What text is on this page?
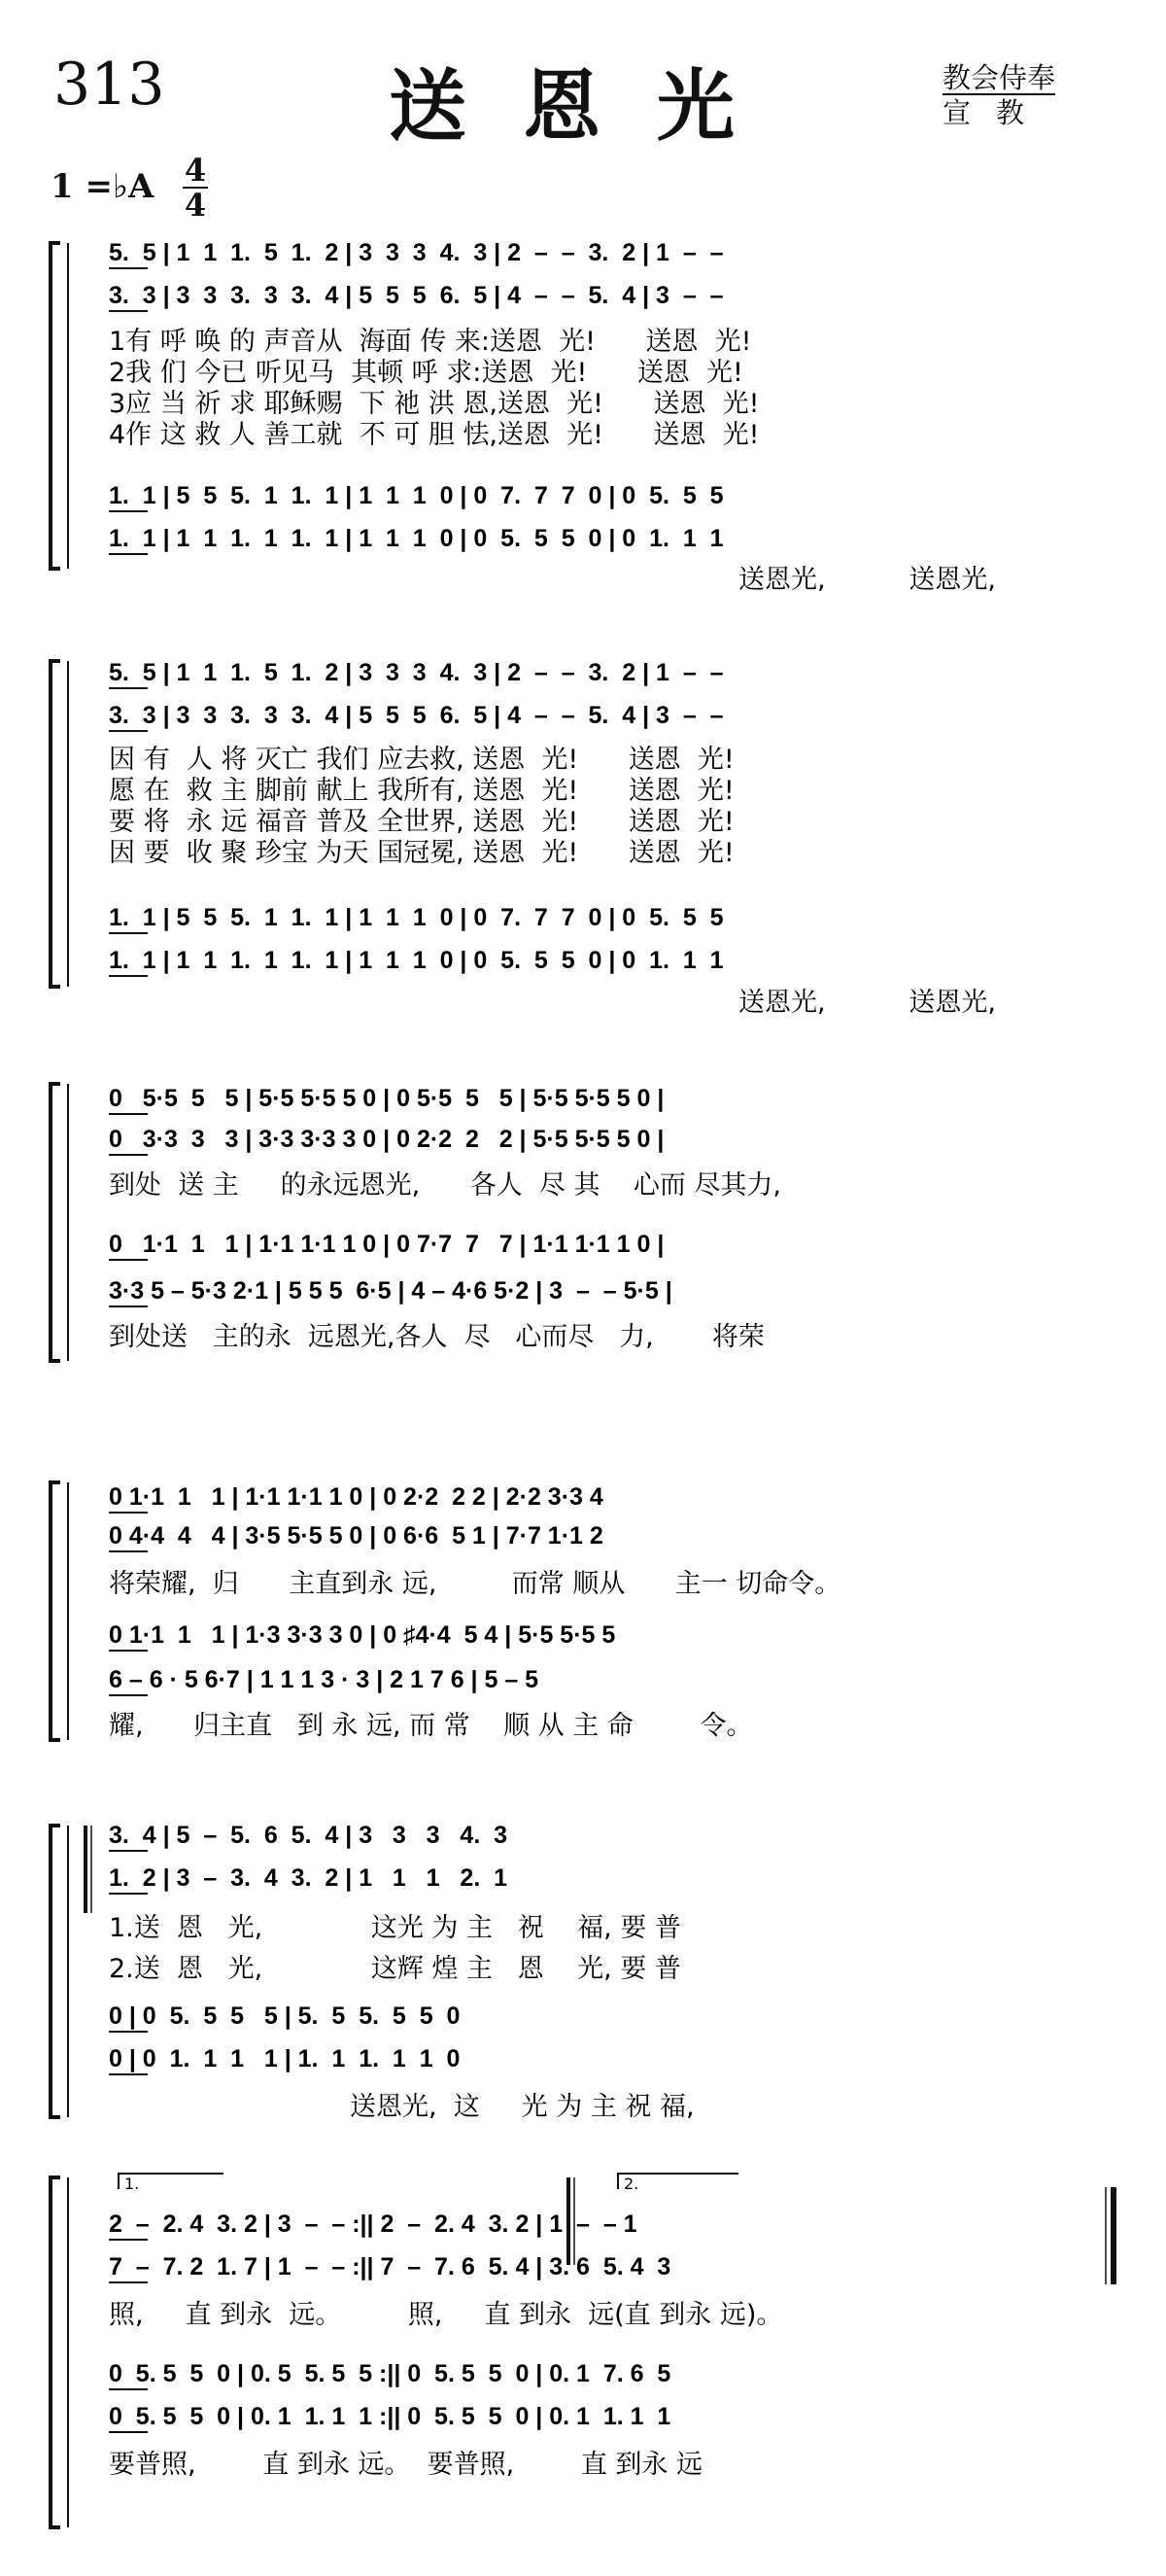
313	送恩光	教会侍奉
宣教
1 =♭A 4
4
5.  5 | 1  1  1.  5  1.  2 | 3  3  3  4.  3 | 2  –  –  3.  2 | 1  –  –
3.  3 | 3  3  3.  3  3.  4 | 5  5  5  6.  5 | 4  –  –  5.  4 | 3  –  –
1有 呼 唤 的 声音从  海面 传 来:送恩  光!      送恩  光!
2我 们 今已 听见马  其顿 呼 求:送恩  光!      送恩  光!
3应 当 祈 求 耶稣赐  下 祂 洪 恩,送恩  光!      送恩  光!
4作 这 救 人 善工就  不 可 胆 怯,送恩  光!      送恩  光!
1.  1 | 5  5  5.  1  1.  1 | 1  1  1  0 | 0  7.  7  7  0 | 0  5.  5  5
1.  1 | 1  1  1.  1  1.  1 | 1  1  1  0 | 0  5.  5  5  0 | 0  1.  1  1
送恩光,          送恩光,
5.  5 | 1  1  1.  5  1.  2 | 3  3  3  4.  3 | 2  –  –  3.  2 | 1  –  –
3.  3 | 3  3  3.  3  3.  4 | 5  5  5  6.  5 | 4  –  –  5.  4 | 3  –  –
因 有  人 将 灭亡 我们 应去救, 送恩  光!      送恩  光!
愿 在  救 主 脚前 献上 我所有, 送恩  光!      送恩  光!
要 将  永 远 福音 普及 全世界, 送恩  光!      送恩  光!
因 要  收 聚 珍宝 为天 国冠冕, 送恩  光!      送恩  光!
1.  1 | 5  5  5.  1  1.  1 | 1  1  1  0 | 0  7.  7  7  0 | 0  5.  5  5
1.  1 | 1  1  1.  1  1.  1 | 1  1  1  0 | 0  5.  5  5  0 | 0  1.  1  1
送恩光,          送恩光,
0   5·5  5   5 | 5·5 5·5 5 0 | 0 5·5  5   5 | 5·5 5·5 5 0 |
0   3·3  3   3 | 3·3 3·3 3 0 | 0 2·2  2   2 | 5·5 5·5 5 0 |
到处  送 主     的永远恩光,      各人  尽 其    心而 尽其力,
0   1·1  1   1 | 1·1 1·1 1 0 | 0 7·7  7   7 | 1·1 1·1 1 0 |
3·3 5 – 5·3 2·1 | 5 5 5  6·5 | 4 – 4·6 5·2 | 3  –  – 5·5 |
到处送   主的永  远恩光,各人  尽   心而尽   力,       将荣
0 1·1  1   1 | 1·1 1·1 1 0 | 0 2·2  2 2 | 2·2 3·3 4
0 4·4  4   4 | 3·5 5·5 5 0 | 0 6·6  5 1 | 7·7 1·1 2
将荣耀,  归      主直到永 远,         而常 顺从      主一 切命令。
0 1·1  1   1 | 1·3 3·3 3 0 | 0 ♯4·4  5 4 | 5·5 5·5 5
6 – 6 · 5 6·7 | 1 1 1 3 · 3 | 2 1 7 6 | 5 – 5
耀,      归主直   到 永 远, 而 常    顺 从 主 命        令。
3.  4 | 5  –  5.  6  5.  4 | 3   3   3   4.  3
1.  2 | 3  –  3.  4  3.  2 | 1   1   1   2.  1
1.送  恩   光,             这光 为 主   祝    福, 要 普
2.送  恩   光,             这辉 煌 主   恩    光, 要 普
0 | 0  5.  5  5   5 | 5.  5  5.  5  5  0
0 | 0  1.  1  1   1 | 1.  1  1.  1  1  0
送恩光,  这     光 为 主 祝 福,
1.	2.
2  –  2. 4  3. 2 | 3  –  – :|| 2  –  2. 4  3. 2 | 1  –  – 1
7  –  7. 2  1. 7 | 1  –  – :|| 7  –  7. 6  5. 4 | 3. 6  5. 4  3
照,     直 到永  远。        照,     直 到永  远(直 到永 远)。
0  5. 5  5  0 | 0. 5  5. 5  5 :|| 0  5. 5  5  0 | 0. 1  7. 6  5
0  5. 5  5  0 | 0. 1  1. 1  1 :|| 0  5. 5  5  0 | 0. 1  1. 1  1
要普照,        直 到永 远。  要普照,        直 到永 远
